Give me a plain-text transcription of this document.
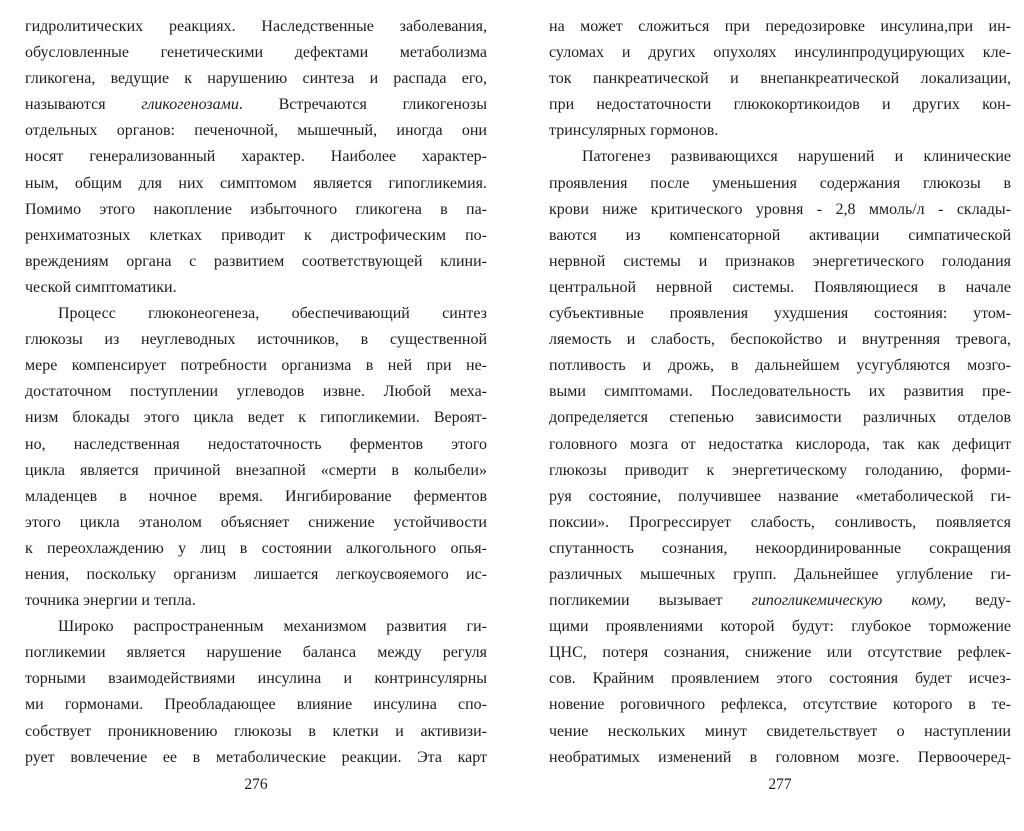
гидролитических реакциях. Наследственные заболевания,
обусловленные генетическими дефектами метаболизма
гликогена, ведущие к нарушению синтеза и распада его,
называются гликогенозами. Встречаются гликогенозы
отдельных органов: печеночной, мышечный, иногда они
носят генерализованный характер. Наиболее характер-
ным, общим для них симптомом является гипогликемия.
Помимо этого накопление избыточного гликогена в па-
ренхиматозных клетках приводит к дистрофическим по-
вреждениям органа с развитием соответствующей клини-
ческой симптоматики.
Процесс глюконеогенеза, обеспечивающий синтез
глюкозы из неуглеводных источников, в существенной
мере компенсирует потребности организма в ней при не-
достаточном поступлении углеводов извне. Любой меха-
низм блокады этого цикла ведет к гипогликемии. Вероят-
но, наследственная недостаточность ферментов этого
цикла является причиной внезапной «смерти в колыбели»
младенцев в ночное время. Ингибирование ферментов
этого цикла этанолом объясняет снижение устойчивости
к переохлаждению у лиц в состоянии алкогольного опья-
нения, поскольку организм лишается легкоусвояемого ис-
точника энергии и тепла.
Широко распространенным механизмом развития ги-
погликемии является нарушение баланса между регуля
торными взаимодействиями инсулина и контринсулярны
ми гормонами. Преобладающее влияние инсулина спо-
собствует проникновению глюкозы в клетки и активизи-
рует вовлечение ее в метаболические реакции. Эта карт
276
на может сложиться при передозировке инсулина,при ин-
суломах и других опухолях инсулинпродуцирующих кле-
ток панкреатической и внепанкреатической локализации,
при недостаточности глюкокортикоидов и других кон-
тринсулярных гормонов.
Патогенез развивающихся нарушений и клинические
проявления после уменьшения содержания глюкозы в
крови ниже критического уровня - 2,8 ммоль/л - склады-
ваются из компенсаторной активации симпатической
нервной системы и признаков энергетического голодания
центральной нервной системы. Появляющиеся в начале
субъективные проявления ухудшения состояния: утом-
ляемость и слабость, беспокойство и внутренняя тревога,
потливость и дрожь, в дальнейшем усугубляются мозго-
выми симптомами. Последовательность их развития пре-
допределяется степенью зависимости различных отделов
головного мозга от недостатка кислорода, так как дефицит
глюкозы приводит к энергетическому голоданию, форми-
руя состояние, получившее название «метаболической ги-
поксии». Прогрессирует слабость, сонливость, появляется
спутанность сознания, некоординированные сокращения
различных мышечных групп. Дальнейшее углубление ги-
погликемии вызывает гипогликемическую кому, веду-
щими проявлениями которой будут: глубокое торможение
ЦНС, потеря сознания, снижение или отсутствие рефлек-
сов. Крайним проявлением этого состояния будет исчез-
новение роговичного рефлекса, отсутствие которого в те-
чение нескольких минут свидетельствует о наступлении
необратимых изменений в головном мозге. Первоочеред-
277
